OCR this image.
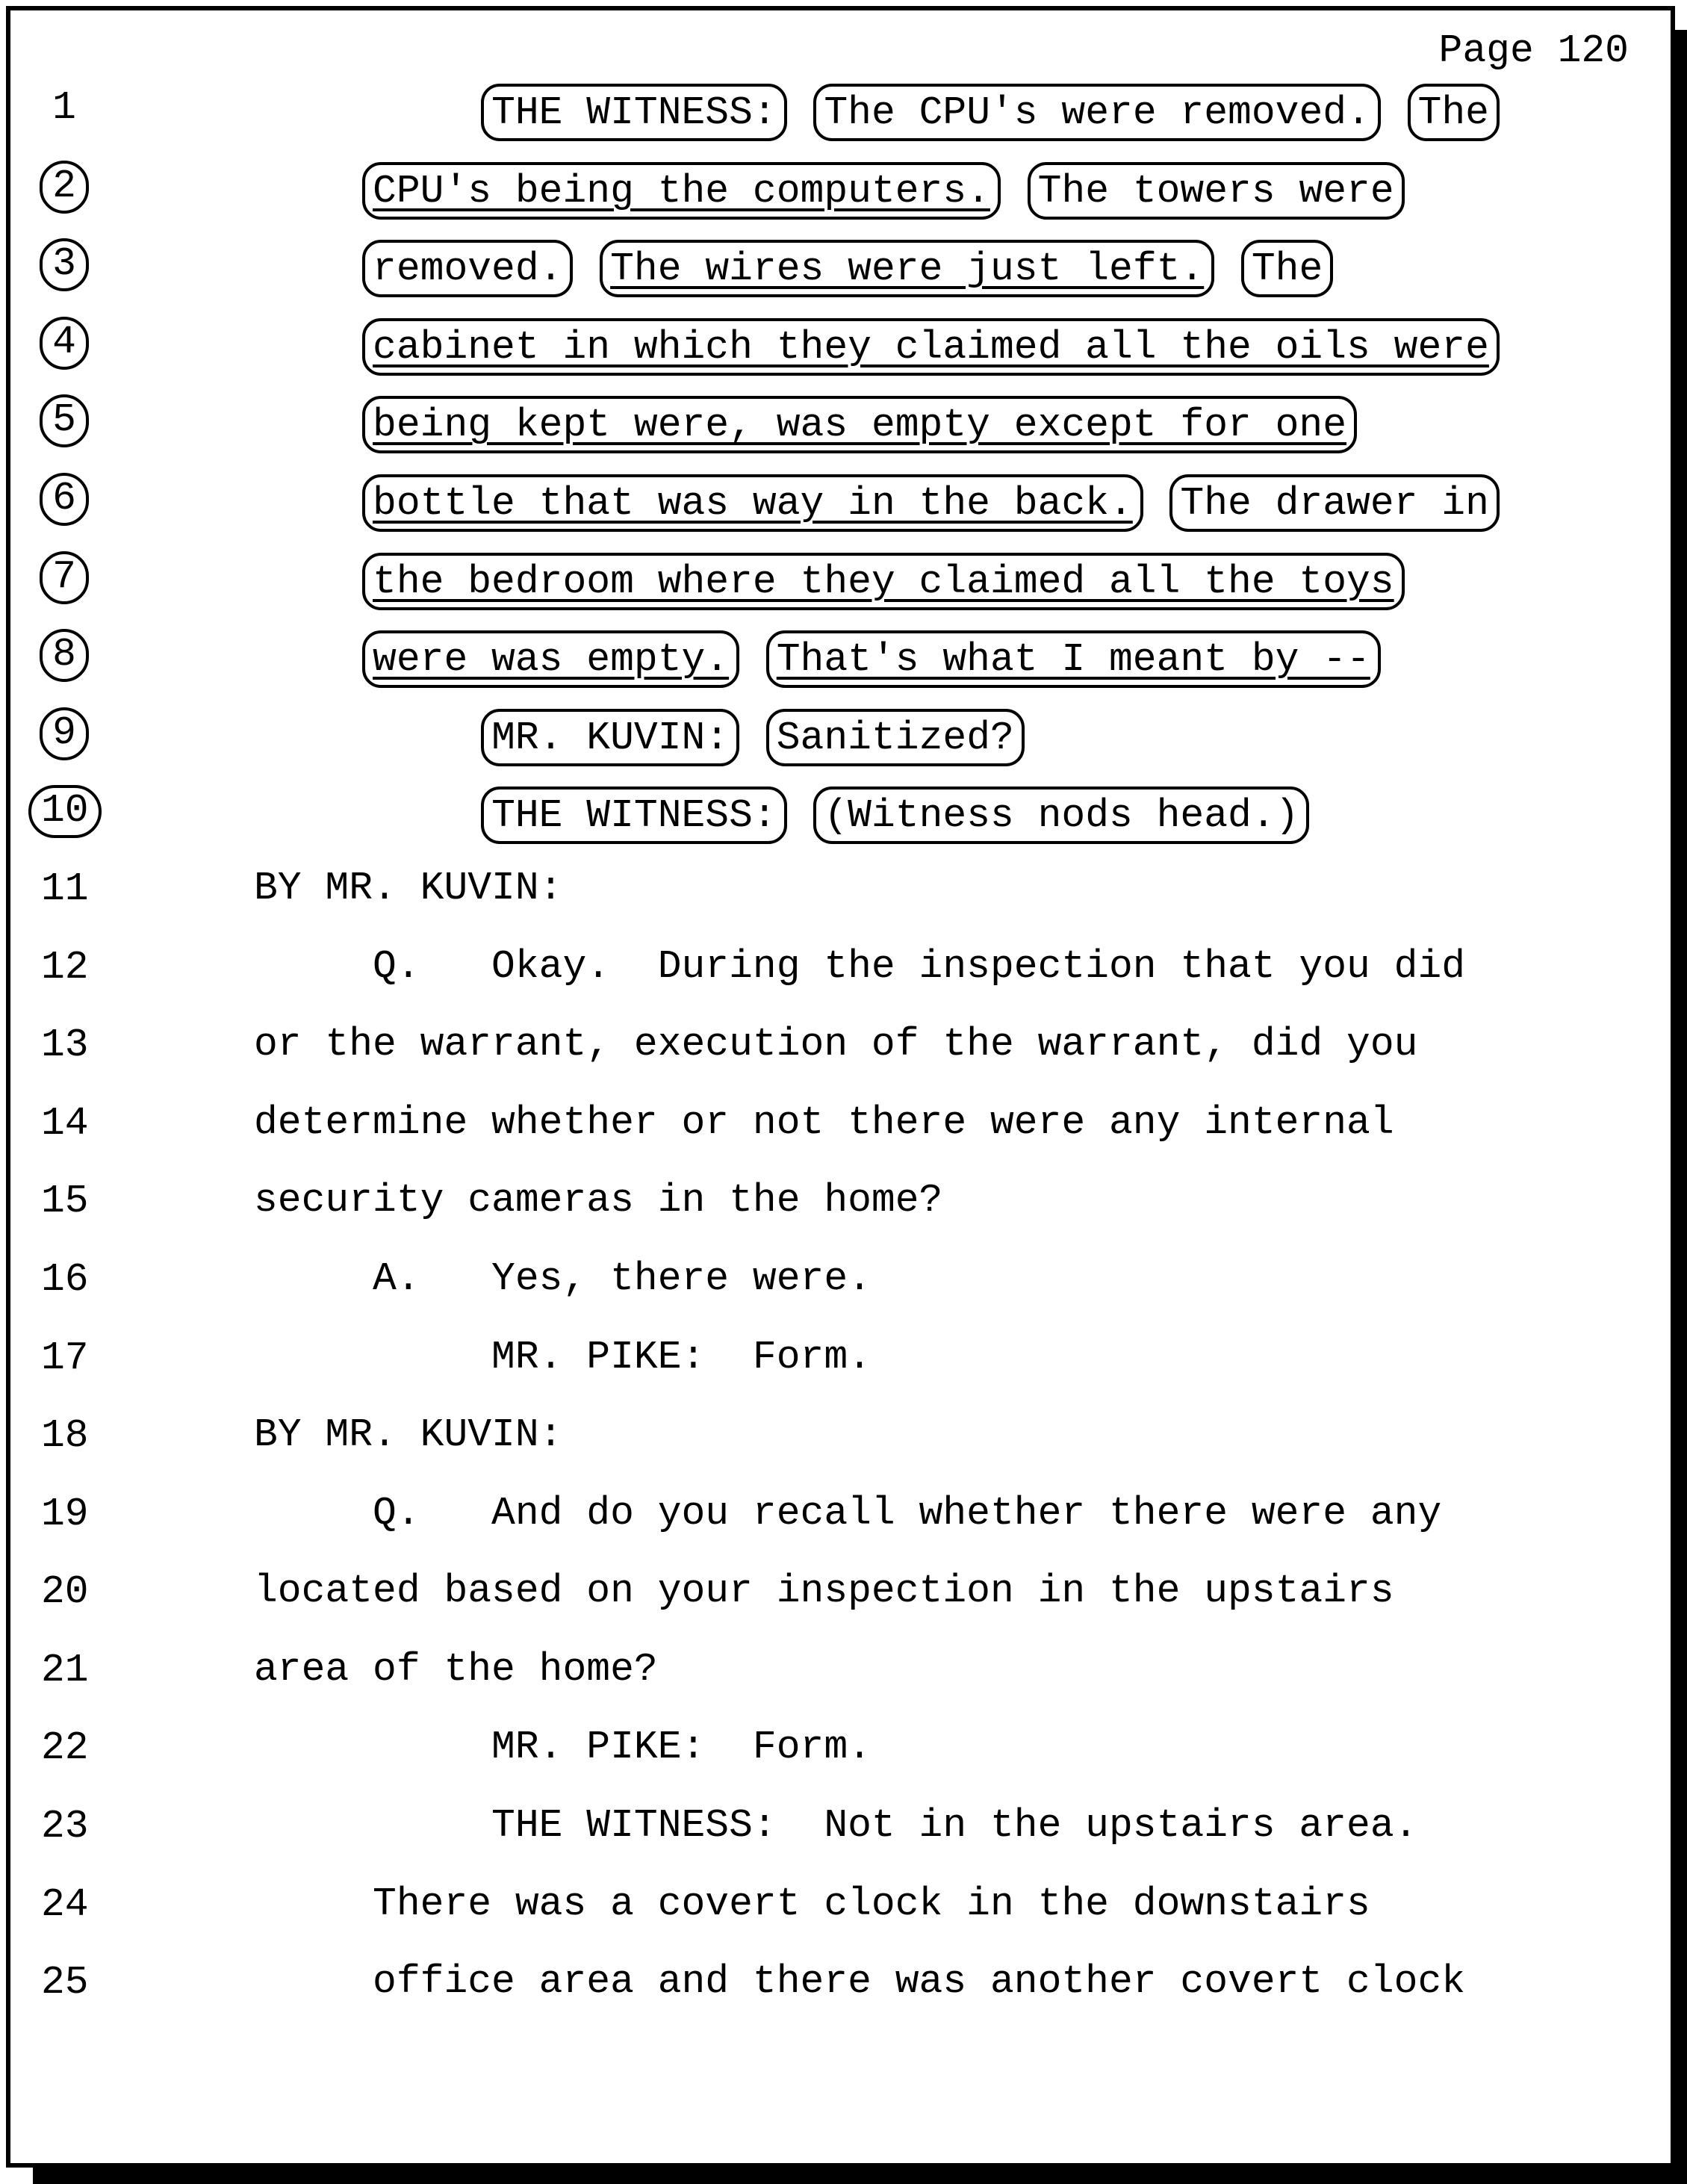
Page 120
1	THE WITNESS: The CPU's were removed. The
2	CPU's being the computers. The towers were
3	removed. The wires were just left. The
4	cabinet in which they claimed all the oils were
5	being kept were, was empty except for one
6	bottle that was way in the back. The drawer in
7	the bedroom where they claimed all the toys
8	were was empty. That's what I meant by --
9	MR. KUVIN: Sanitized?
10	THE WITNESS: (Witness nods head.)
11	BY MR. KUVIN:
12	Q.   Okay.  During the inspection that you did
13	or the warrant, execution of the warrant, did you
14	determine whether or not there were any internal
15	security cameras in the home?
16	A.   Yes, there were.
17	MR. PIKE:  Form.
18	BY MR. KUVIN:
19	Q.   And do you recall whether there were any
20	located based on your inspection in the upstairs
21	area of the home?
22	MR. PIKE:  Form.
23	THE WITNESS:  Not in the upstairs area.
24	There was a covert clock in the downstairs
25	office area and there was another covert clock
